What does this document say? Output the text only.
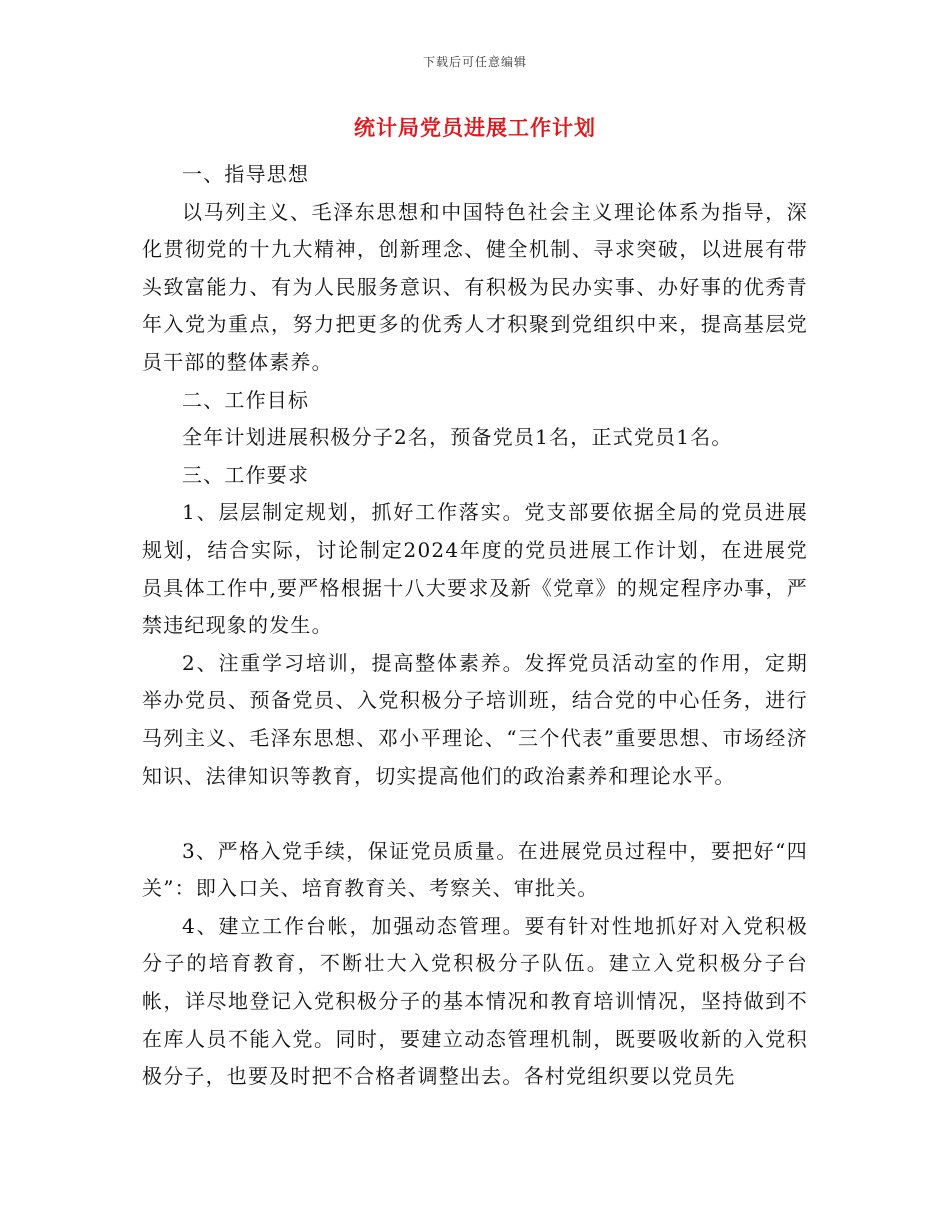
下载后可任意编辑
统计局党员进展工作计划

一、指导思想

以马列主义、毛泽东思想和中国特色社会主义理论体系为指导，深化贯彻党的十九大精神，创新理念、健全机制、寻求突破，以进展有带头致富能力、有为人民服务意识、有积极为民办实事、办好事的优秀青年入党为重点，努力把更多的优秀人才积聚到党组织中来，提高基层党员干部的整体素养。

二、工作目标

全年计划进展积极分子2名，预备党员1名，正式党员1名。

三、工作要求

1、层层制定规划，抓好工作落实。党支部要依据全局的党员进展规划，结合实际，讨论制定2024年度的党员进展工作计划，在进展党员具体工作中,要严格根据十八大要求及新《党章》的规定程序办事，严禁违纪现象的发生。

2、注重学习培训，提高整体素养。发挥党员活动室的作用，定期举办党员、预备党员、入党积极分子培训班，结合党的中心任务，进行马列主义、毛泽东思想、邓小平理论、“三个代表”重要思想、市场经济知识、法律知识等教育，切实提高他们的政治素养和理论水平。

3、严格入党手续，保证党员质量。在进展党员过程中，要把好“四关”：即入口关、培育教育关、考察关、审批关。

4、建立工作台帐，加强动态管理。要有针对性地抓好对入党积极分子的培育教育，不断壮大入党积极分子队伍。建立入党积极分子台帐，详尽地登记入党积极分子的基本情况和教育培训情况，坚持做到不在库人员不能入党。同时，要建立动态管理机制，既要吸收新的入党积极分子，也要及时把不合格者调整出去。各村党组织要以党员先
